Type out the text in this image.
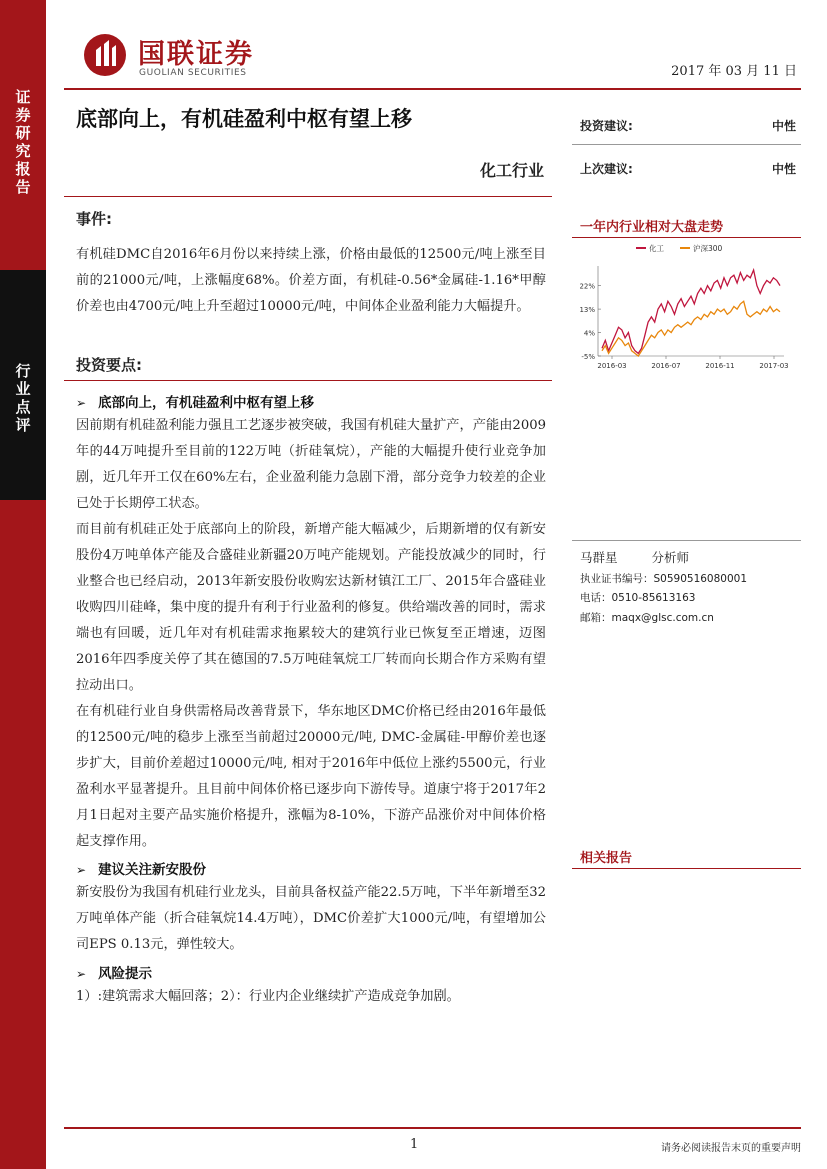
国联证券
GUOLIAN SECURITIES	2017 年 03 月 11 日
证
券
研
究
报
告
行
业
点
评
底部向上，有机硅盈利中枢有望上移
化工行业
投资建议:	中性
上次建议:	中性
事件:
有机硅DMC自2016年6月份以来持续上涨，价格由最低的12500元/吨上涨至目前的21000元/吨，上涨幅度68%。价差方面，有机硅-0.56*金属硅-1.16*甲醇价差也由4700元/吨上升至超过10000元/吨，中间体企业盈利能力大幅提升。
投资要点:
➢ 底部向上，有机硅盈利中枢有望上移
因前期有机硅盈利能力强且工艺逐步被突破，我国有机硅大量扩产，产能由2009年的44万吨提升至目前的122万吨（折硅氧烷），产能的大幅提升使行业竞争加剧，近几年开工仅在60%左右，企业盈利能力急剧下滑，部分竞争力较差的企业已处于长期停工状态。
而目前有机硅正处于底部向上的阶段，新增产能大幅减少，后期新增的仅有新安股份4万吨单体产能及合盛硅业新疆20万吨产能规划。产能投放减少的同时，行业整合也已经启动，2013年新安股份收购宏达新材镇江工厂、2015年合盛硅业收购四川硅峰，集中度的提升有利于行业盈利的修复。供给端改善的同时，需求端也有回暖，近几年对有机硅需求拖累较大的建筑行业已恢复至正增速，迈图2016年四季度关停了其在德国的7.5万吨硅氧烷工厂转而向长期合作方采购有望拉动出口。
在有机硅行业自身供需格局改善背景下，华东地区DMC价格已经由2016年最低的12500元/吨的稳步上涨至当前超过20000元/吨, DMC-金属硅-甲醇价差也逐步扩大，目前价差超过10000元/吨, 相对于2016年中低位上涨约5500元，行业盈利水平显著提升。且目前中间体价格已逐步向下游传导。道康宁将于2017年2月1日起对主要产品实施价格提升，涨幅为8-10%，下游产品涨价对中间体价格起支撑作用。
➢ 建议关注新安股份
新安股份为我国有机硅行业龙头，目前具备权益产能22.5万吨，下半年新增至32万吨单体产能（折合硅氧烷14.4万吨），DMC价差扩大1000元/吨，有望增加公司EPS 0.13元，弹性较大。
➢ 风险提示
1）:建筑需求大幅回落；2）：行业内企业继续扩产造成竞争加剧。
一年内行业相对大盘走势
化工	沪深300
22%
13%
4%
-5%
2016-03	2016-07	2016-11	2017-03
马群星	分析师
执业证书编号：S0590516080001
电话：0510-85613163
邮箱：maqx@glsc.com.cn
相关报告
1	请务必阅读报告末页的重要声明
